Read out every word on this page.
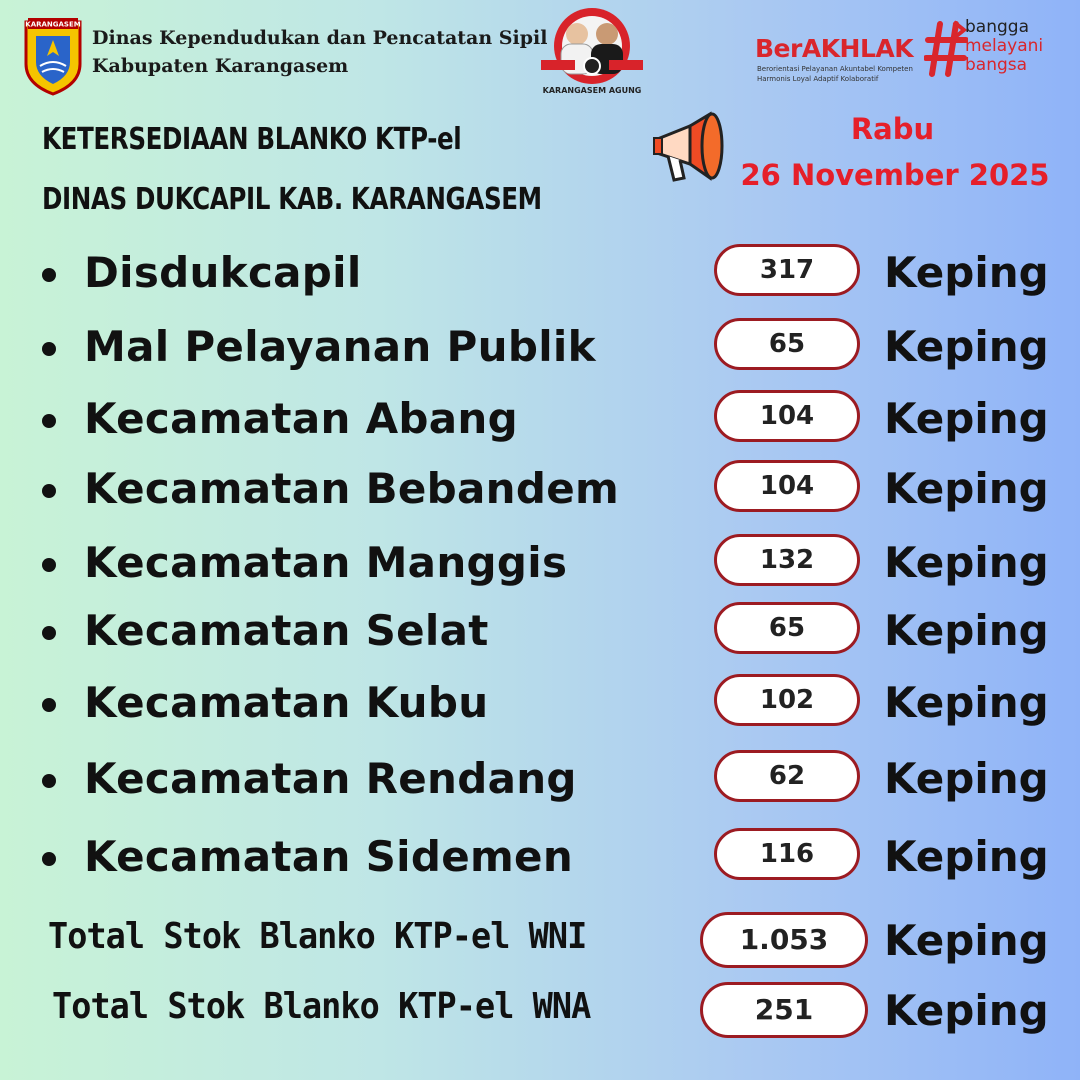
KARANGASEM
Dinas Kependudukan dan Pencatatan Sipil
Kabupaten Karangasem
KARANGASEM AGUNG
BerAKHLAK
Berorientasi Pelayanan Akuntabel Kompeten
Harmonis Loyal Adaptif Kolaboratif
bangga
melayani
bangsa
KETERSEDIAAN BLANKO KTP-el
DINAS DUKCAPIL KAB. KARANGASEM
Rabu
26 November 2025
Disdukcapil	317	Keping
Mal Pelayanan Publik	65	Keping
Kecamatan Abang	104	Keping
Kecamatan Bebandem	104	Keping
Kecamatan Manggis	132	Keping
Kecamatan Selat	65	Keping
Kecamatan Kubu	102	Keping
Kecamatan Rendang	62	Keping
Kecamatan Sidemen	116	Keping
Total Stok Blanko KTP-el WNI	1.053	Keping
Total Stok Blanko KTP-el WNA	251	Keping
